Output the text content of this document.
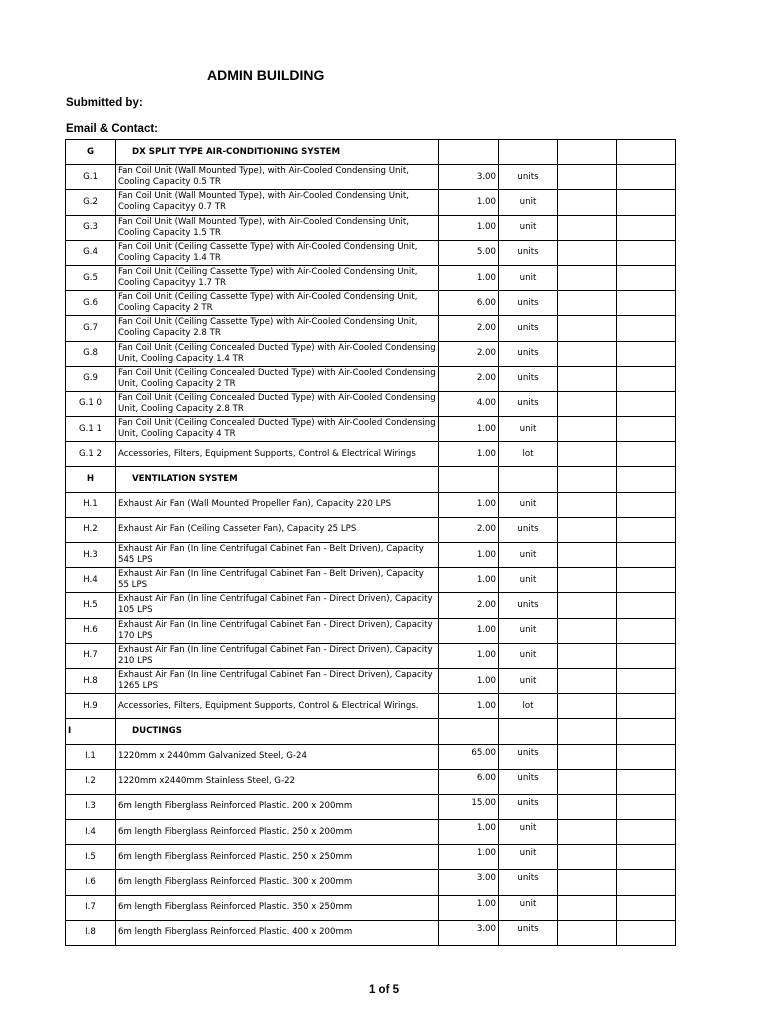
ADMIN BUILDING
Submitted by:
Email & Contact:
G	DX SPLIT TYPE AIR-CONDITIONING SYSTEM				
G.1	Fan Coil Unit (Wall Mounted Type), with Air-Cooled Condensing Unit, Cooling Capacity 0.5 TR	3.00	units		
G.2	Fan Coil Unit (Wall Mounted Type), with Air-Cooled Condensing Unit, Cooling Capacityy 0.7 TR	1.00	unit		
G.3	Fan Coil Unit (Wall Mounted Type), with Air-Cooled Condensing Unit, Cooling Capacity 1.5 TR	1.00	unit		
G.4	Fan Coil Unit (Ceiling Cassette Type) with Air-Cooled Condensing Unit, Cooling Capacity 1.4 TR	5.00	units		
G.5	Fan Coil Unit (Ceiling Cassette Type) with Air-Cooled Condensing Unit, Cooling Capacityy 1.7 TR	1.00	unit		
G.6	Fan Coil Unit (Ceiling Cassette Type) with Air-Cooled Condensing Unit, Cooling Capacity 2 TR	6.00	units		
G.7	Fan Coil Unit (Ceiling Cassette Type) with Air-Cooled Condensing Unit, Cooling Capacity 2.8 TR	2.00	units		
G.8	Fan Coil Unit (Ceiling Concealed Ducted Type) with Air-Cooled Condensing Unit, Cooling Capacity 1.4 TR	2.00	units		
G.9	Fan Coil Unit (Ceiling Concealed Ducted Type) with Air-Cooled Condensing Unit, Cooling Capacity 2 TR	2.00	units		
G.1 0	Fan Coil Unit (Ceiling Concealed Ducted Type) with Air-Cooled Condensing Unit, Cooling Capacity 2.8 TR	4.00	units		
G.1 1	Fan Coil Unit (Ceiling Concealed Ducted Type) with Air-Cooled Condensing Unit, Cooling Capacity 4 TR	1.00	unit		
G.1 2	Accessories, Filters, Equipment Supports, Control & Electrical Wirings	1.00	lot		
H	VENTILATION SYSTEM				
H.1	Exhaust Air Fan (Wall Mounted Propeller Fan), Capacity 220 LPS	1.00	unit		
H.2	Exhaust Air Fan (Ceiling Casseter Fan), Capacity 25 LPS	2.00	units		
H.3	Exhaust Air Fan (In line Centrifugal Cabinet Fan - Belt Driven), Capacity 545 LPS	1.00	unit		
H.4	Exhaust Air Fan (In line Centrifugal Cabinet Fan - Belt Driven), Capacity 55 LPS	1.00	unit		
H.5	Exhaust Air Fan (In line Centrifugal Cabinet Fan - Direct Driven), Capacity 105 LPS	2.00	units		
H.6	Exhaust Air Fan (In line Centrifugal Cabinet Fan - Direct Driven), Capacity 170 LPS	1.00	unit		
H.7	Exhaust Air Fan (In line Centrifugal Cabinet Fan - Direct Driven), Capacity 210 LPS	1.00	unit		
H.8	Exhaust Air Fan (In line Centrifugal Cabinet Fan - Direct Driven), Capacity 1265 LPS	1.00	unit		
H.9	Accessories, Filters, Equipment Supports, Control & Electrical Wirings.	1.00	lot		
I	DUCTINGS				
I.1	1220mm x 2440mm Galvanized Steel, G-24	65.00	units		
I.2	1220mm x2440mm Stainless Steel, G-22	6.00	units		
I.3	6m length Fiberglass Reinforced Plastic. 200 x 200mm	15.00	units		
I.4	6m length Fiberglass Reinforced Plastic. 250 x 200mm	1.00	unit		
I.5	6m length Fiberglass Reinforced Plastic. 250 x 250mm	1.00	unit		
I.6	6m length Fiberglass Reinforced Plastic. 300 x 200mm	3.00	units		
I.7	6m length Fiberglass Reinforced Plastic. 350 x 250mm	1.00	unit		
I.8	6m length Fiberglass Reinforced Plastic. 400 x 200mm	3.00	units		
1 of 5
